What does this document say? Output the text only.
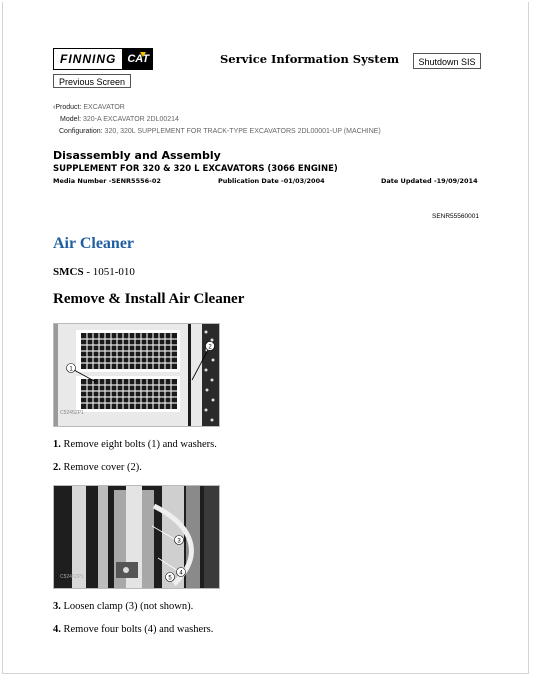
FINNING	CAT
Previous Screen
Service Information System	Shutdown SIS
‹Product: EXCAVATOR
Model: 320-A EXCAVATOR 2DL00214
Configuration: 320, 320L SUPPLEMENT FOR TRACK-TYPE EXCAVATORS 2DL00001-UP (MACHINE)
Disassembly and Assembly
SUPPLEMENT FOR 320 & 320 L EXCAVATORS (3066 ENGINE)
Media Number -SENR5556-02	Publication Date -01/03/2004	Date Updated -19/09/2014
SENR55560001
Air Cleaner
SMCS - 1051-010
Remove & Install Air Cleaner
1
2
C5245ZP1
1. Remove eight bolts (1) and washers.
2. Remove cover (2).
3
4
5
C5246ZP1
3. Loosen clamp (3) (not shown).
4. Remove four bolts (4) and washers.
